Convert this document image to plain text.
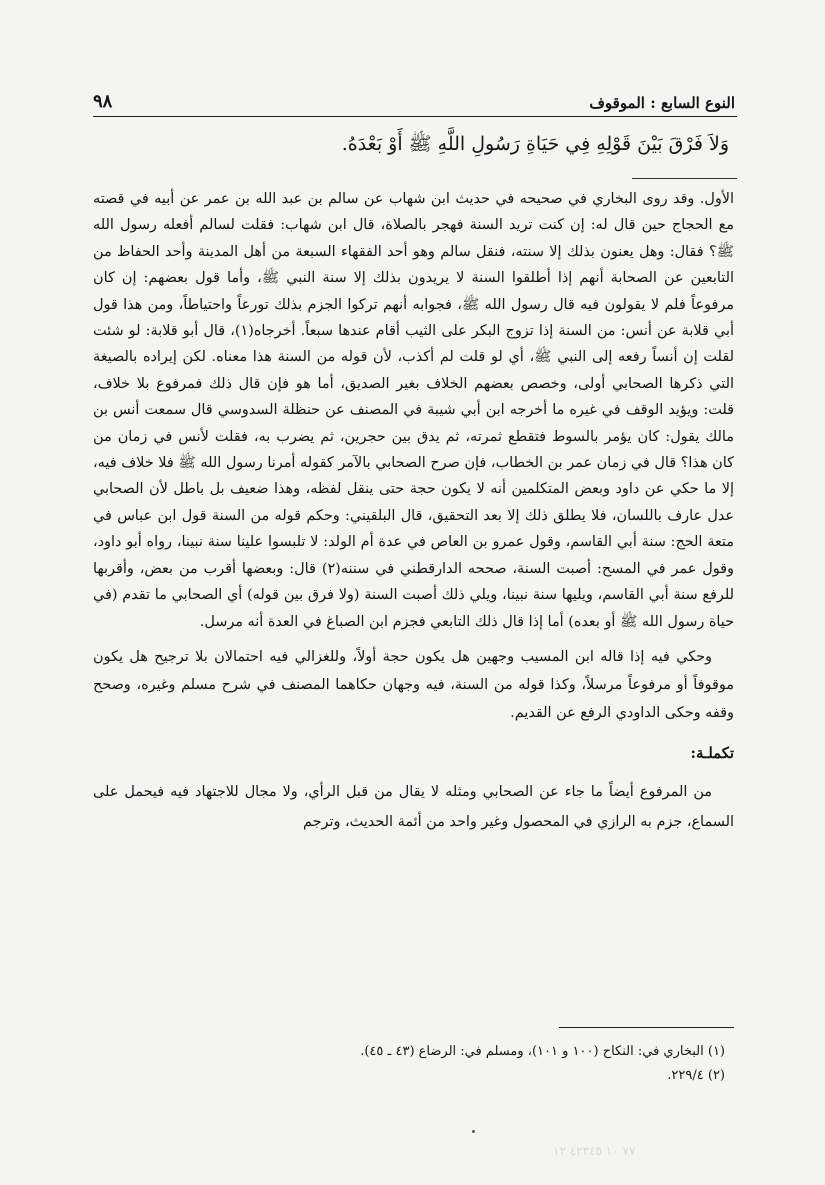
النوع السابع : الموقوف
٩٨
وَلاَ فَرْقَ بَيْنَ قَوْلِهِ فِي حَيَاةِ رَسُولِ اللَّهِ ﷺ أَوْ بَعْدَهُ.

الأول. وقد روى البخاري في صحيحه في حديث ابن شهاب عن سالم بن عبد الله بن عمر عن أبيه في قصته مع الحجاج حين قال له: إن كنت تريد السنة فهجر بالصلاة، قال ابن شهاب: فقلت لسالم أفعله رسول الله ﷺ؟ فقال: وهل يعنون بذلك إلا سنته، فنقل سالم وهو أحد الفقهاء السبعة من أهل المدينة وأحد الحفاظ من التابعين عن الصحابة أنهم إذا أطلقوا السنة لا يريدون بذلك إلا سنة النبي ﷺ، وأما قول بعضهم: إن كان مرفوعاً فلم لا يقولون فيه قال رسول الله ﷺ، فجوابه أنهم تركوا الجزم بذلك تورعاً واحتياطاً، ومن هذا قول أبي قلابة عن أنس: من السنة إذا تزوج البكر على الثيب أقام عندها سبعاً. أخرجاه(١)، قال أبو قلابة: لو شئت لقلت إن أنساً رفعه إلى النبي ﷺ، أي لو قلت لم أكذب، لأن قوله من السنة هذا معناه. لكن إيراده بالصيغة التي ذكرها الصحابي أولى، وخصص بعضهم الخلاف بغير الصديق، أما هو فإن قال ذلك فمرفوع بلا خلاف، قلت: ويؤيد الوقف في غيره ما أخرجه ابن أبي شيبة في المصنف عن حنظلة السدوسي قال سمعت أنس بن مالك يقول: كان يؤمر بالسوط فتقطع ثمرته، ثم يدق بين حجرين، ثم يضرب به، فقلت لأنس في زمان من كان هذا؟ قال في زمان عمر بن الخطاب، فإن صرح الصحابي بالآمر كقوله أمرنا رسول الله ﷺ فلا خلاف فيه، إلا ما حكي عن داود وبعض المتكلمين أنه لا يكون حجة حتى ينقل لفظه، وهذا ضعيف بل باطل لأن الصحابي عدل عارف باللسان، فلا يطلق ذلك إلا بعد التحقيق، قال البلقيني: وحكم قوله من السنة قول ابن عباس في متعة الحج: سنة أبي القاسم، وقول عمرو بن العاص في عدة أم الولد: لا تلبسوا علينا سنة نبينا، رواه أبو داود، وقول عمر في المسح: أصبت السنة، صححه الدارقطني في سننه(٢) قال: وبعضها أقرب من بعض، وأقربها للرفع سنة أبي القاسم، ويليها سنة نبينا، ويلي ذلك أصبت السنة (ولا فرق بين قوله) أي الصحابي ما تقدم (في حياة رسول الله ﷺ أو بعده) أما إذا قال ذلك التابعي فجزم ابن الصباغ في العدة أنه مرسل.

وحكي فيه إذا قاله ابن المسيب وجهين هل يكون حجة أولاً، وللغزالي فيه احتمالان بلا ترجيح هل يكون موقوفاً أو مرفوعاً مرسلاً، وكذا قوله من السنة، فيه وجهان حكاهما المصنف في شرح مسلم وغيره، وصحح وقفه وحكى الداودي الرفع عن القديم.

تكملـة:

من المرفوع أيضاً ما جاء عن الصحابي ومثله لا يقال من قبل الرأي، ولا مجال للاجتهاد فيه فيحمل على السماع، جزم به الرازي في المحصول وغير واحد من أئمة الحديث، وترجم

(١) البخاري في: النكاح (١٠٠ و ١٠١)، ومسلم في: الرضاع (٤٣ ـ ٤٥).
(٢) ٢٢٩/٤.
٧٧ ١٠ ٤٢٣٤٥ ١٢
